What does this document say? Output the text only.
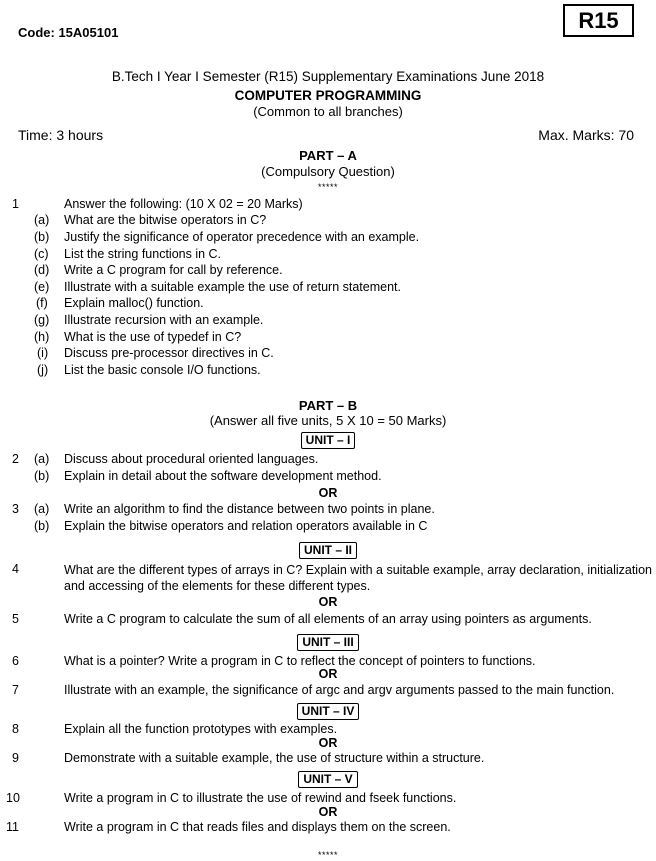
Code: 15A05101	R15
B.Tech I Year I Semester (R15) Supplementary Examinations June 2018
COMPUTER PROGRAMMING
(Common to all branches)
Time: 3 hours	Max. Marks: 70
PART – A
(Compulsory Question)
*****
1	Answer the following: (10 X 02 = 20 Marks)
(a) What are the bitwise operators in C?
(b) Justify the significance of operator precedence with an example.
(c) List the string functions in C.
(d) Write a C program for call by reference.
(e) Illustrate with a suitable example the use of return statement.
(f) Explain malloc() function.
(g) Illustrate recursion with an example.
(h) What is the use of typedef in C?
(i) Discuss pre-processor directives in C.
(j) List the basic console I/O functions.
PART – B
(Answer all five units, 5 X 10 = 50 Marks)
UNIT – I
2 (a) Discuss about procedural oriented languages.
(b) Explain in detail about the software development method.
OR
3 (a) Write an algorithm to find the distance between two points in plane.
(b) Explain the bitwise operators and relation operators available in C
UNIT – II
4	What are the different types of arrays in C? Explain with a suitable example, array declaration, initialization and accessing of the elements for these different types.
OR
5	Write a C program to calculate the sum of all elements of an array using pointers as arguments.
UNIT – III
6	What is a pointer? Write a program in C to reflect the concept of pointers to functions.
OR
7	Illustrate with an example, the significance of argc and argv arguments passed to the main function.
UNIT – IV
8	Explain all the function prototypes with examples.
OR
9	Demonstrate with a suitable example, the use of structure within a structure.
UNIT – V
10	Write a program in C to illustrate the use of rewind and fseek functions.
OR
11	Write a program in C that reads files and displays them on the screen.
*****
